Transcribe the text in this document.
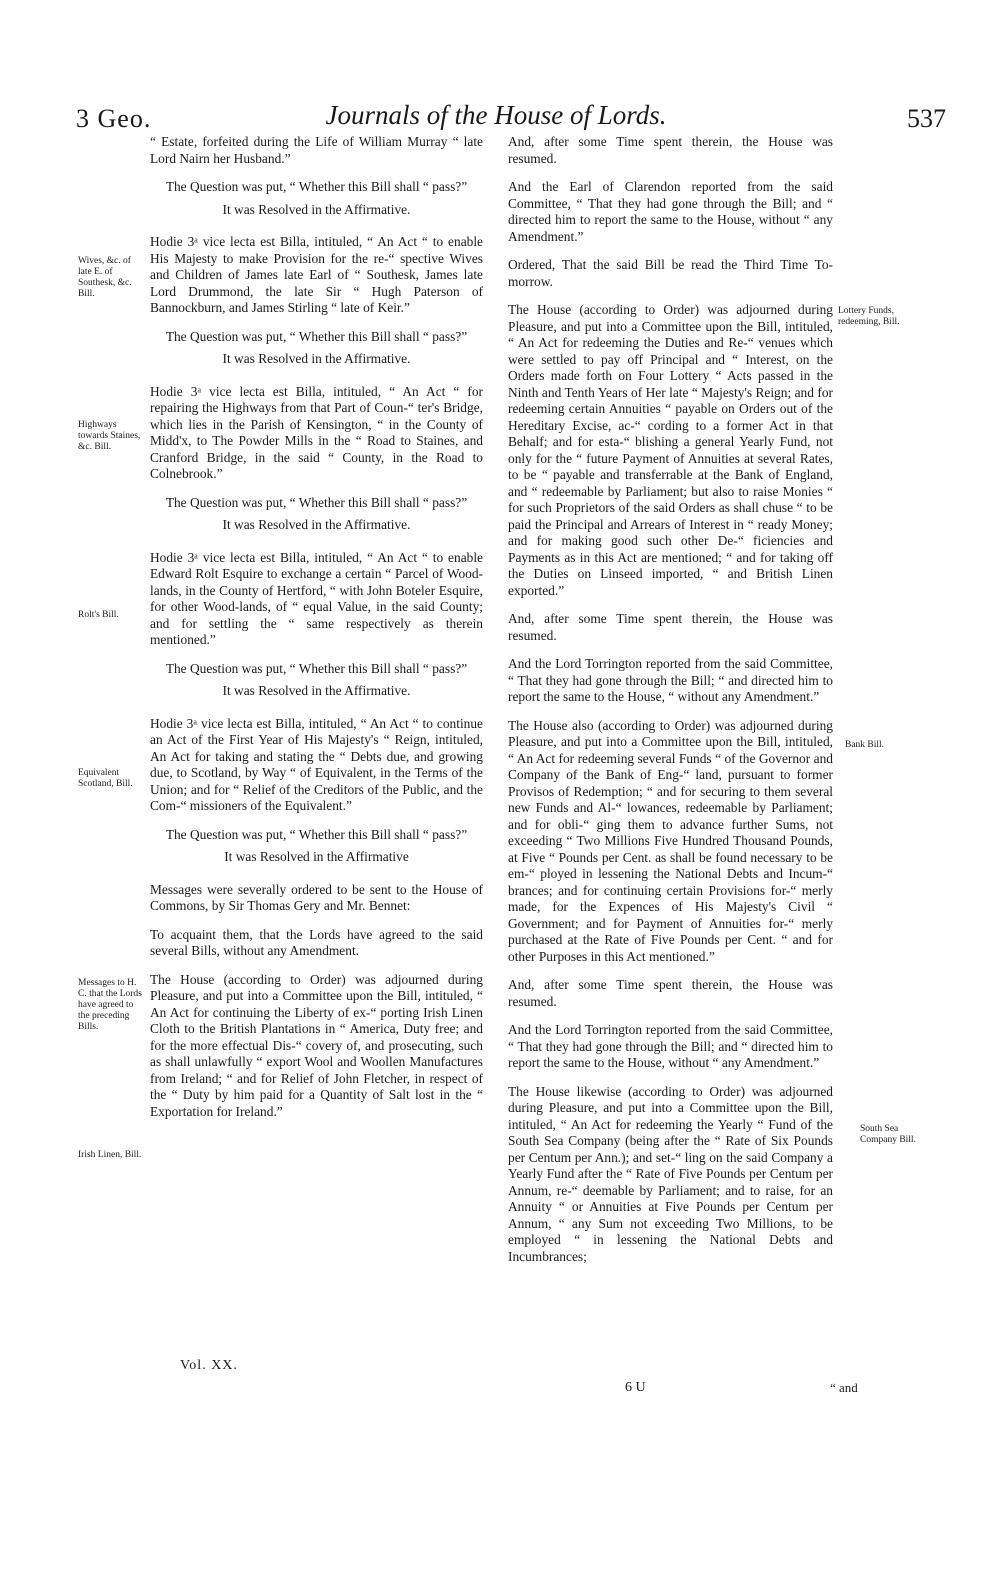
3 Geo.	Journals of the House of Lords.	537

“ Estate, forfeited during the Life of William Murray “ late Lord Nairn her Husband.”

The Question was put, “ Whether this Bill shall “ pass?”

It was Resolved in the Affirmative.

Hodie 3ᵃ vice lecta est Billa, intituled, “ An Act “ to enable His Majesty to make Provision for the re-“ spective Wives and Children of James late Earl of “ Southesk, James late Lord Drummond, the late Sir “ Hugh Paterson of Bannockburn, and James Stirling “ late of Keir.”

The Question was put, “ Whether this Bill shall “ pass?”

It was Resolved in the Affirmative.

Hodie 3ᵃ vice lecta est Billa, intituled, “ An Act “ for repairing the Highways from that Part of Coun-“ ter's Bridge, which lies in the Parish of Kensington, “ in the County of Midd'x, to The Powder Mills in the “ Road to Staines, and Cranford Bridge, in the said “ County, in the Road to Colnebrook.”

The Question was put, “ Whether this Bill shall “ pass?”

It was Resolved in the Affirmative.

Hodie 3ᵃ vice lecta est Billa, intituled, “ An Act “ to enable Edward Rolt Esquire to exchange a certain “ Parcel of Wood-lands, in the County of Hertford, “ with John Boteler Esquire, for other Wood-lands, of “ equal Value, in the said County; and for settling the “ same respectively as therein mentioned.”

The Question was put, “ Whether this Bill shall “ pass?”

It was Resolved in the Affirmative.

Hodie 3ᵃ vice lecta est Billa, intituled, “ An Act “ to continue an Act of the First Year of His Majesty's “ Reign, intituled, An Act for taking and stating the “ Debts due, and growing due, to Scotland, by Way “ of Equivalent, in the Terms of the Union; and for “ Relief of the Creditors of the Public, and the Com-“ missioners of the Equivalent.”

The Question was put, “ Whether this Bill shall “ pass?”

It was Resolved in the Affirmative

Messages were severally ordered to be sent to the House of Commons, by Sir Thomas Gery and Mr. Bennet:

To acquaint them, that the Lords have agreed to the said several Bills, without any Amendment.

The House (according to Order) was adjourned during Pleasure, and put into a Committee upon the Bill, intituled, “ An Act for continuing the Liberty of ex-“ porting Irish Linen Cloth to the British Plantations in “ America, Duty free; and for the more effectual Dis-“ covery of, and prosecuting, such as shall unlawfully “ export Wool and Woollen Manufactures from Ireland; “ and for Relief of John Fletcher, in respect of the “ Duty by him paid for a Quantity of Salt lost in the “ Exportation for Ireland.”

And, after some Time spent therein, the House was resumed.

And the Earl of Clarendon reported from the said Committee, “ That they had gone through the Bill; and “ directed him to report the same to the House, without “ any Amendment.”

Ordered, That the said Bill be read the Third Time To-morrow.

The House (according to Order) was adjourned during Pleasure, and put into a Committee upon the Bill, intituled, “ An Act for redeeming the Duties and Re-“ venues which were settled to pay off Principal and “ Interest, on the Orders made forth on Four Lottery “ Acts passed in the Ninth and Tenth Years of Her late “ Majesty's Reign; and for redeeming certain Annuities “ payable on Orders out of the Hereditary Excise, ac-“ cording to a former Act in that Behalf; and for esta-“ blishing a general Yearly Fund, not only for the “ future Payment of Annuities at several Rates, to be “ payable and transferrable at the Bank of England, and “ redeemable by Parliament; but also to raise Monies “ for such Proprietors of the said Orders as shall chuse “ to be paid the Principal and Arrears of Interest in “ ready Money; and for making good such other De-“ ficiencies and Payments as in this Act are mentioned; “ and for taking off the Duties on Linseed imported, “ and British Linen exported.”

And, after some Time spent therein, the House was resumed.

And the Lord Torrington reported from the said Committee, “ That they had gone through the Bill; “ and directed him to report the same to the House, “ without any Amendment.”

The House also (according to Order) was adjourned during Pleasure, and put into a Committee upon the Bill, intituled, “ An Act for redeeming several Funds “ of the Governor and Company of the Bank of Eng-“ land, pursuant to former Provisos of Redemption; “ and for securing to them several new Funds and Al-“ lowances, redeemable by Parliament; and for obli-“ ging them to advance further Sums, not exceeding “ Two Millions Five Hundred Thousand Pounds, at Five “ Pounds per Cent. as shall be found necessary to be em-“ ployed in lessening the National Debts and Incum-“ brances; and for continuing certain Provisions for-“ merly made, for the Expences of His Majesty's Civil “ Government; and for Payment of Annuities for-“ merly purchased at the Rate of Five Pounds per Cent. “ and for other Purposes in this Act mentioned.”

And, after some Time spent therein, the House was resumed.

And the Lord Torrington reported from the said Committee, “ That they had gone through the Bill; and “ directed him to report the same to the House, without “ any Amendment.”

The House likewise (according to Order) was adjourned during Pleasure, and put into a Committee upon the Bill, intituled, “ An Act for redeeming the Yearly “ Fund of the South Sea Company (being after the “ Rate of Six Pounds per Centum per Ann.); and set-“ ling on the said Company a Yearly Fund after the “ Rate of Five Pounds per Centum per Annum, re-“ deemable by Parliament; and to raise, for an Annuity “ or Annuities at Five Pounds per Centum per Annum, “ any Sum not exceeding Two Millions, to be employed “ in lessening the National Debts and Incumbrances;

Wives, &c. of late E. of Southesk, &c. Bill.
Highways towards Staines, &c. Bill.
Rolt's Bill.
Equivalent Scotland, Bill.
Messages to H. C. that the Lords have agreed to the preceding Bills.
Irish Linen, Bill.
Lottery Funds, redeeming, Bill.
Bank Bill.
South Sea Company Bill.
Vol. XX.
6 U	“ and
